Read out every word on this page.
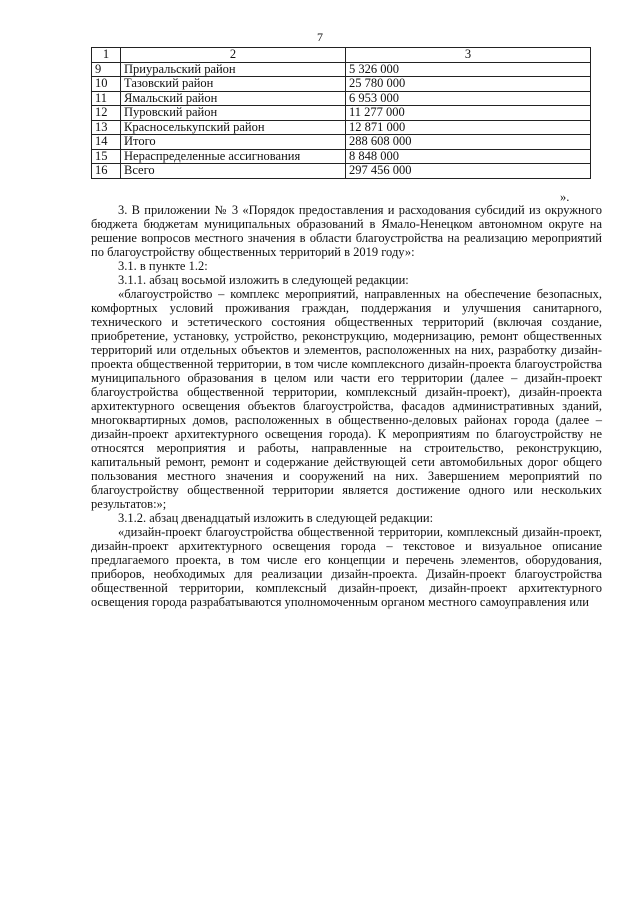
7
1	2	3
9	Приуральский район	5 326 000
10	Тазовский район	25 780 000
11	Ямальский район	6 953 000
12	Пуровский район	11 277 000
13	Красноселькупский район	12 871 000
14	Итого	288 608 000
15	Нераспределенные ассигнования	8 848 000
16	Всего	297 456 000
».

3. В приложении № 3 «Порядок предоставления и расходования субсидий из окружного бюджета бюджетам муниципальных образований в Ямало-Ненецком автономном округе на решение вопросов местного значения в области благоустройства на реализацию мероприятий по благоустройству общественных территорий в 2019 году»:

3.1. в пункте 1.2:

3.1.1. абзац восьмой изложить в следующей редакции:

«благоустройство – комплекс мероприятий, направленных на обеспечение безопасных, комфортных условий проживания граждан, поддержания и улучшения санитарного, технического и эстетического состояния общественных территорий (включая создание, приобретение, установку, устройство, реконструкцию, модернизацию, ремонт общественных территорий или отдельных объектов и элементов, расположенных на них, разработку дизайн-проекта общественной территории, в том числе комплексного дизайн-проекта благоустройства муниципального образования в целом или части его территории (далее – дизайн-проект благоустройства общественной территории, комплексный дизайн-проект), дизайн-проекта архитектурного освещения объектов благоустройства, фасадов административных зданий, многоквартирных домов, расположенных в общественно-деловых районах города (далее – дизайн-проект архитектурного освещения города). К мероприятиям по благоустройству не относятся мероприятия и работы, направленные на строительство, реконструкцию, капитальный ремонт, ремонт и содержание действующей сети автомобильных дорог общего пользования местного значения и сооружений на них. Завершением мероприятий по благоустройству общественной территории является достижение одного или нескольких результатов:»;

3.1.2. абзац двенадцатый изложить в следующей редакции:

«дизайн-проект благоустройства общественной территории, комплексный дизайн-проект, дизайн-проект архитектурного освещения города – текстовое и визуальное описание предлагаемого проекта, в том числе его концепции и перечень элементов, оборудования, приборов, необходимых для реализации дизайн-проекта. Дизайн-проект благоустройства общественной территории, комплексный дизайн-проект, дизайн-проект архитектурного освещения города разрабатываются уполномоченным органом местного самоуправления или
